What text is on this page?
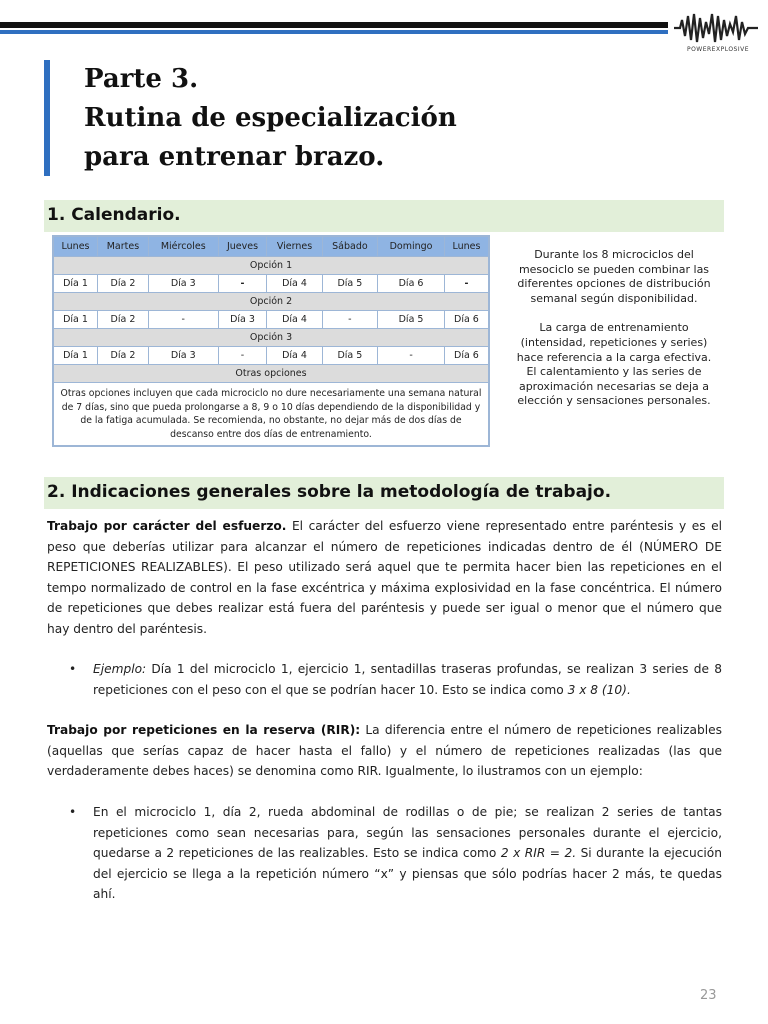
POWEREXPLOSIVE
Parte 3.
Rutina de especialización
para entrenar brazo.
1. Calendario.
Lunes	Martes	Miércoles	Jueves	Viernes	Sábado	Domingo	Lunes
Opción 1							
Día 1	Día 2	Día 3	-	Día 4	Día 5	Día 6	-
Opción 2							
Día 1	Día 2	-	Día 3	Día 4	-	Día 5	Día 6
Opción 3							
Día 1	Día 2	Día 3	-	Día 4	Día 5	-	Día 6
Otras opciones							
Otras opciones incluyen que cada microciclo no dure necesariamente una semana natural de 7 días, sino que pueda prolongarse a 8, 9 o 10 días dependiendo de la disponibilidad y de la fatiga acumulada. Se recomienda, no obstante, no dejar más de dos días de descanso entre dos días de entrenamiento.							

Durante los 8 microciclos del mesociclo se pueden combinar las diferentes opciones de distribución semanal según disponibilidad.

La carga de entrenamiento (intensidad, repeticiones y series) hace referencia a la carga efectiva. El calentamiento y las series de aproximación necesarias se deja a elección y sensaciones personales.

2. Indicaciones generales sobre la metodología de trabajo.
Trabajo por carácter del esfuerzo. El carácter del esfuerzo viene representado entre paréntesis y es el peso que deberías utilizar para alcanzar el número de repeticiones indicadas dentro de él (NÚMERO DE REPETICIONES REALIZABLES). El peso utilizado será aquel que te permita hacer bien las repeticiones en el tempo normalizado de control en la fase excéntrica y máxima explosividad en la fase concéntrica. El número de repeticiones que debes realizar está fuera del paréntesis y puede ser igual o menor que el número que hay dentro del paréntesis.
• Ejemplo: Día 1 del microciclo 1, ejercicio 1, sentadillas traseras profundas, se realizan 3 series de 8 repeticiones con el peso con el que se podrían hacer 10. Esto se indica como 3 x 8 (10).
Trabajo por repeticiones en la reserva (RIR): La diferencia entre el número de repeticiones realizables (aquellas que serías capaz de hacer hasta el fallo) y el número de repeticiones realizadas (las que verdaderamente debes haces) se denomina como RIR. Igualmente, lo ilustramos con un ejemplo:
• En el microciclo 1, día 2, rueda abdominal de rodillas o de pie; se realizan 2 series de tantas repeticiones como sean necesarias para, según las sensaciones personales durante el ejercicio, quedarse a 2 repeticiones de las realizables. Esto se indica como 2 x RIR = 2. Si durante la ejecución del ejercicio se llega a la repetición número “x” y piensas que sólo podrías hacer 2 más, te quedas ahí.
23
